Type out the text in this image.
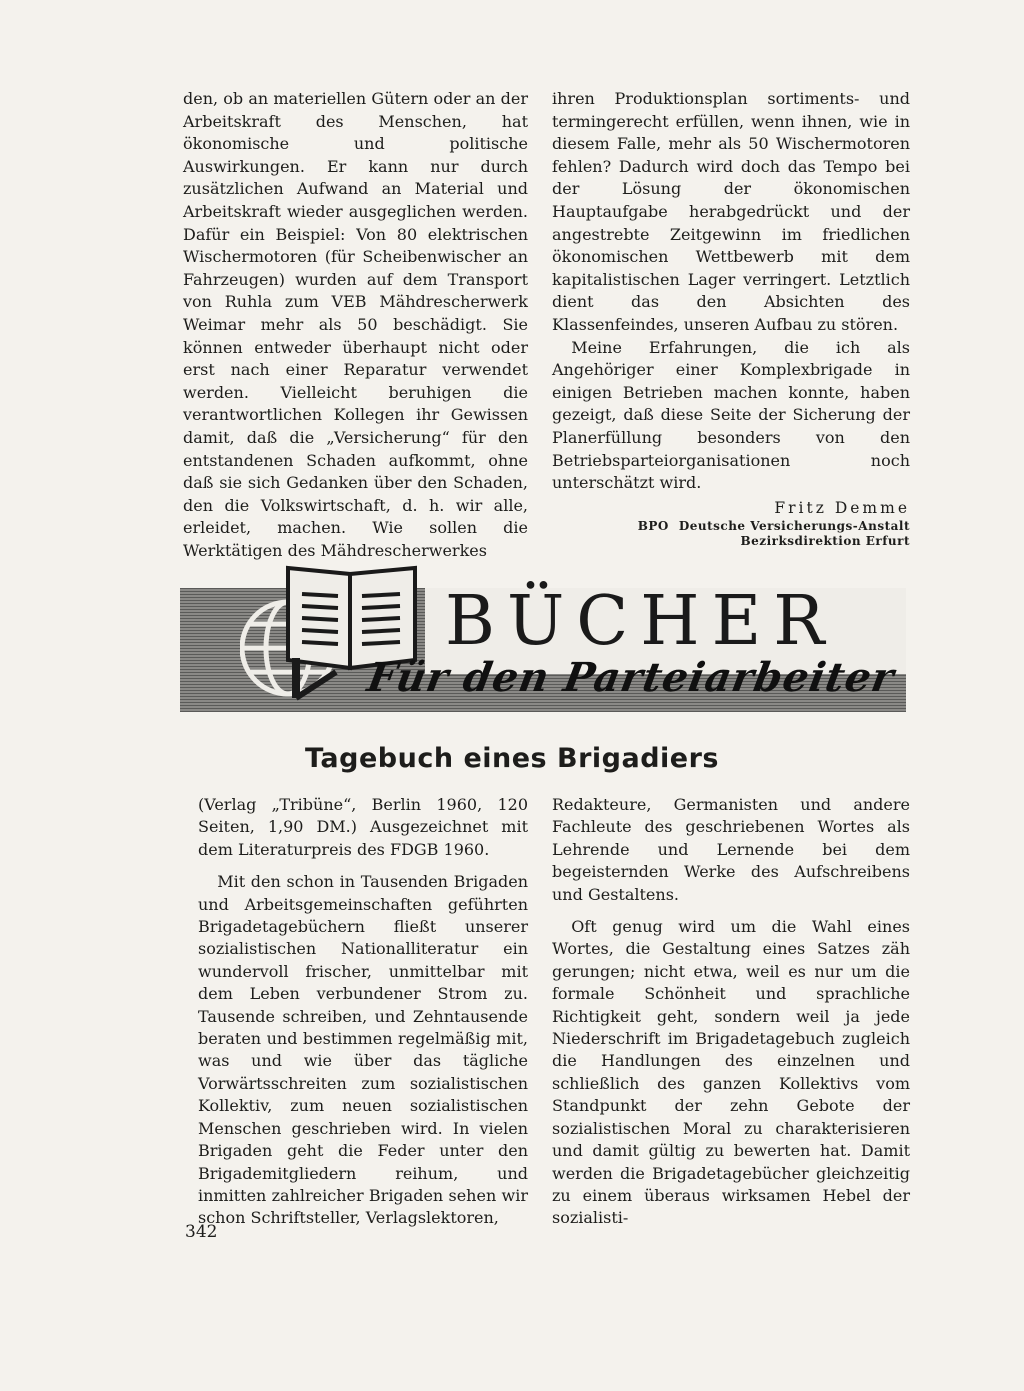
den, ob an materiellen Gütern oder an der Arbeitskraft des Menschen, hat ökonomische und politische Auswirkungen. Er kann nur durch zusätzlichen Aufwand an Material und Arbeitskraft wieder ausgeglichen werden. Dafür ein Beispiel: Von 80 elektrischen Wischermotoren (für Scheibenwischer an Fahrzeugen) wurden auf dem Transport von Ruhla zum VEB Mähdrescherwerk Weimar mehr als 50 beschädigt. Sie können entweder überhaupt nicht oder erst nach einer Reparatur verwendet werden. Vielleicht beruhigen die verantwortlichen Kollegen ihr Gewissen damit, daß die „Versicherung“ für den entstandenen Schaden aufkommt, ohne daß sie sich Gedanken über den Schaden, den die Volkswirtschaft, d. h. wir alle, erleidet, machen. Wie sollen die Werktätigen des Mähdrescherwerkes

ihren Produktionsplan sortiments- und termingerecht erfüllen, wenn ihnen, wie in diesem Falle, mehr als 50 Wischermotoren fehlen? Dadurch wird doch das Tempo bei der Lösung der ökonomischen Hauptaufgabe herabgedrückt und der angestrebte Zeitgewinn im friedlichen ökonomischen Wettbewerb mit dem kapitalistischen Lager verringert. Letztlich dient das den Absichten des Klassenfeindes, unseren Aufbau zu stören.

Meine Erfahrungen, die ich als Angehöriger einer Komplexbrigade in einigen Betrieben machen konnte, haben gezeigt, daß diese Seite der Sicherung der Planerfüllung besonders von den Betriebsparteiorganisationen noch unterschätzt wird.

Fritz Demme
BPO Deutsche Versicherungs-Anstalt
Bezirksdirektion Erfurt
BÜCHER
Für den Parteiarbeiter
Tagebuch eines Brigadiers

(Verlag „Tribüne“, Berlin 1960, 120 Seiten, 1,90 DM.) Ausgezeichnet mit dem Literaturpreis des FDGB 1960.

Mit den schon in Tausenden Brigaden und Arbeitsgemeinschaften geführten Brigadetagebüchern fließt unserer sozialistischen Nationalliteratur ein wundervoll frischer, unmittelbar mit dem Leben verbundener Strom zu. Tausende schreiben, und Zehntausende beraten und bestimmen regelmäßig mit, was und wie über das tägliche Vorwärtsschreiten zum sozialistischen Kollektiv, zum neuen sozialistischen Menschen geschrieben wird. In vielen Brigaden geht die Feder unter den Brigademitgliedern reihum, und inmitten zahlreicher Brigaden sehen wir schon Schriftsteller, Verlagslektoren,

Redakteure, Germanisten und andere Fachleute des geschriebenen Wortes als Lehrende und Lernende bei dem begeisternden Werke des Aufschreibens und Gestaltens.

Oft genug wird um die Wahl eines Wortes, die Gestaltung eines Satzes zäh gerungen; nicht etwa, weil es nur um die formale Schönheit und sprachliche Richtigkeit geht, sondern weil ja jede Niederschrift im Brigadetagebuch zugleich die Handlungen des einzelnen und schließlich des ganzen Kollektivs vom Standpunkt der zehn Gebote der sozialistischen Moral zu charakterisieren und damit gültig zu bewerten hat. Damit werden die Brigadetagebücher gleichzeitig zu einem überaus wirksamen Hebel der sozialisti-

342
